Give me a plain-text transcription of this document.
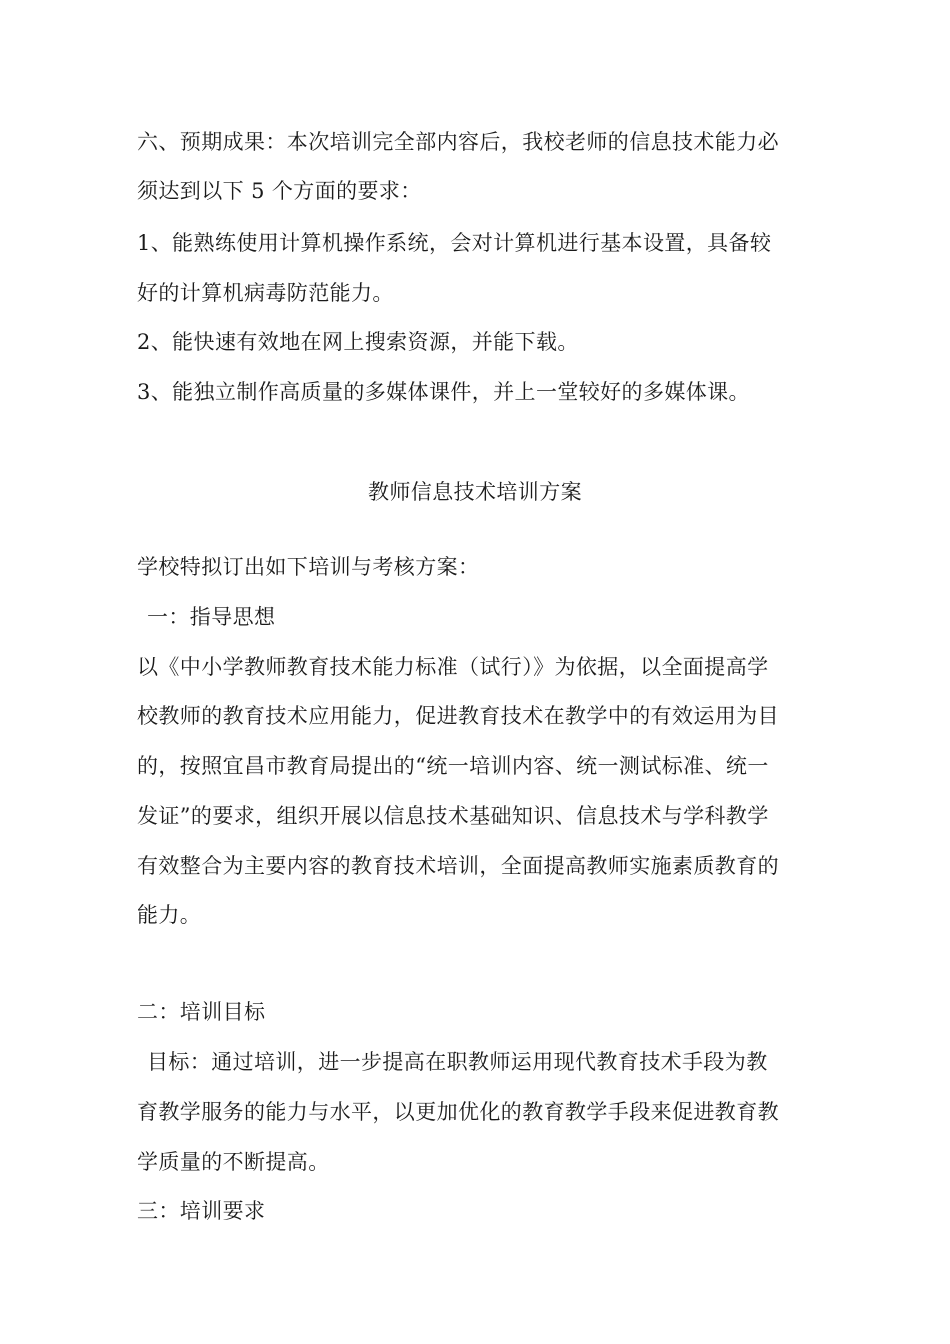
六、预期成果：本次培训完全部内容后，我校老师的信息技术能力必
须达到以下 5 个方面的要求：
1、能熟练使用计算机操作系统，会对计算机进行基本设置，具备较
好的计算机病毒防范能力。
2、能快速有效地在网上搜索资源，并能下载。
3、能独立制作高质量的多媒体课件，并上一堂较好的多媒体课。
教师信息技术培训方案
学校特拟订出如下培训与考核方案：
一：指导思想
以《中小学教师教育技术能力标准（试行）》为依据，以全面提高学
校教师的教育技术应用能力，促进教育技术在教学中的有效运用为目
的，按照宜昌市教育局提出的“统一培训内容、统一测试标准、统一
发证”的要求，组织开展以信息技术基础知识、信息技术与学科教学
有效整合为主要内容的教育技术培训，全面提高教师实施素质教育的
能力。
二：培训目标
目标：通过培训，进一步提高在职教师运用现代教育技术手段为教
育教学服务的能力与水平，以更加优化的教育教学手段来促进教育教
学质量的不断提高。
三：培训要求
